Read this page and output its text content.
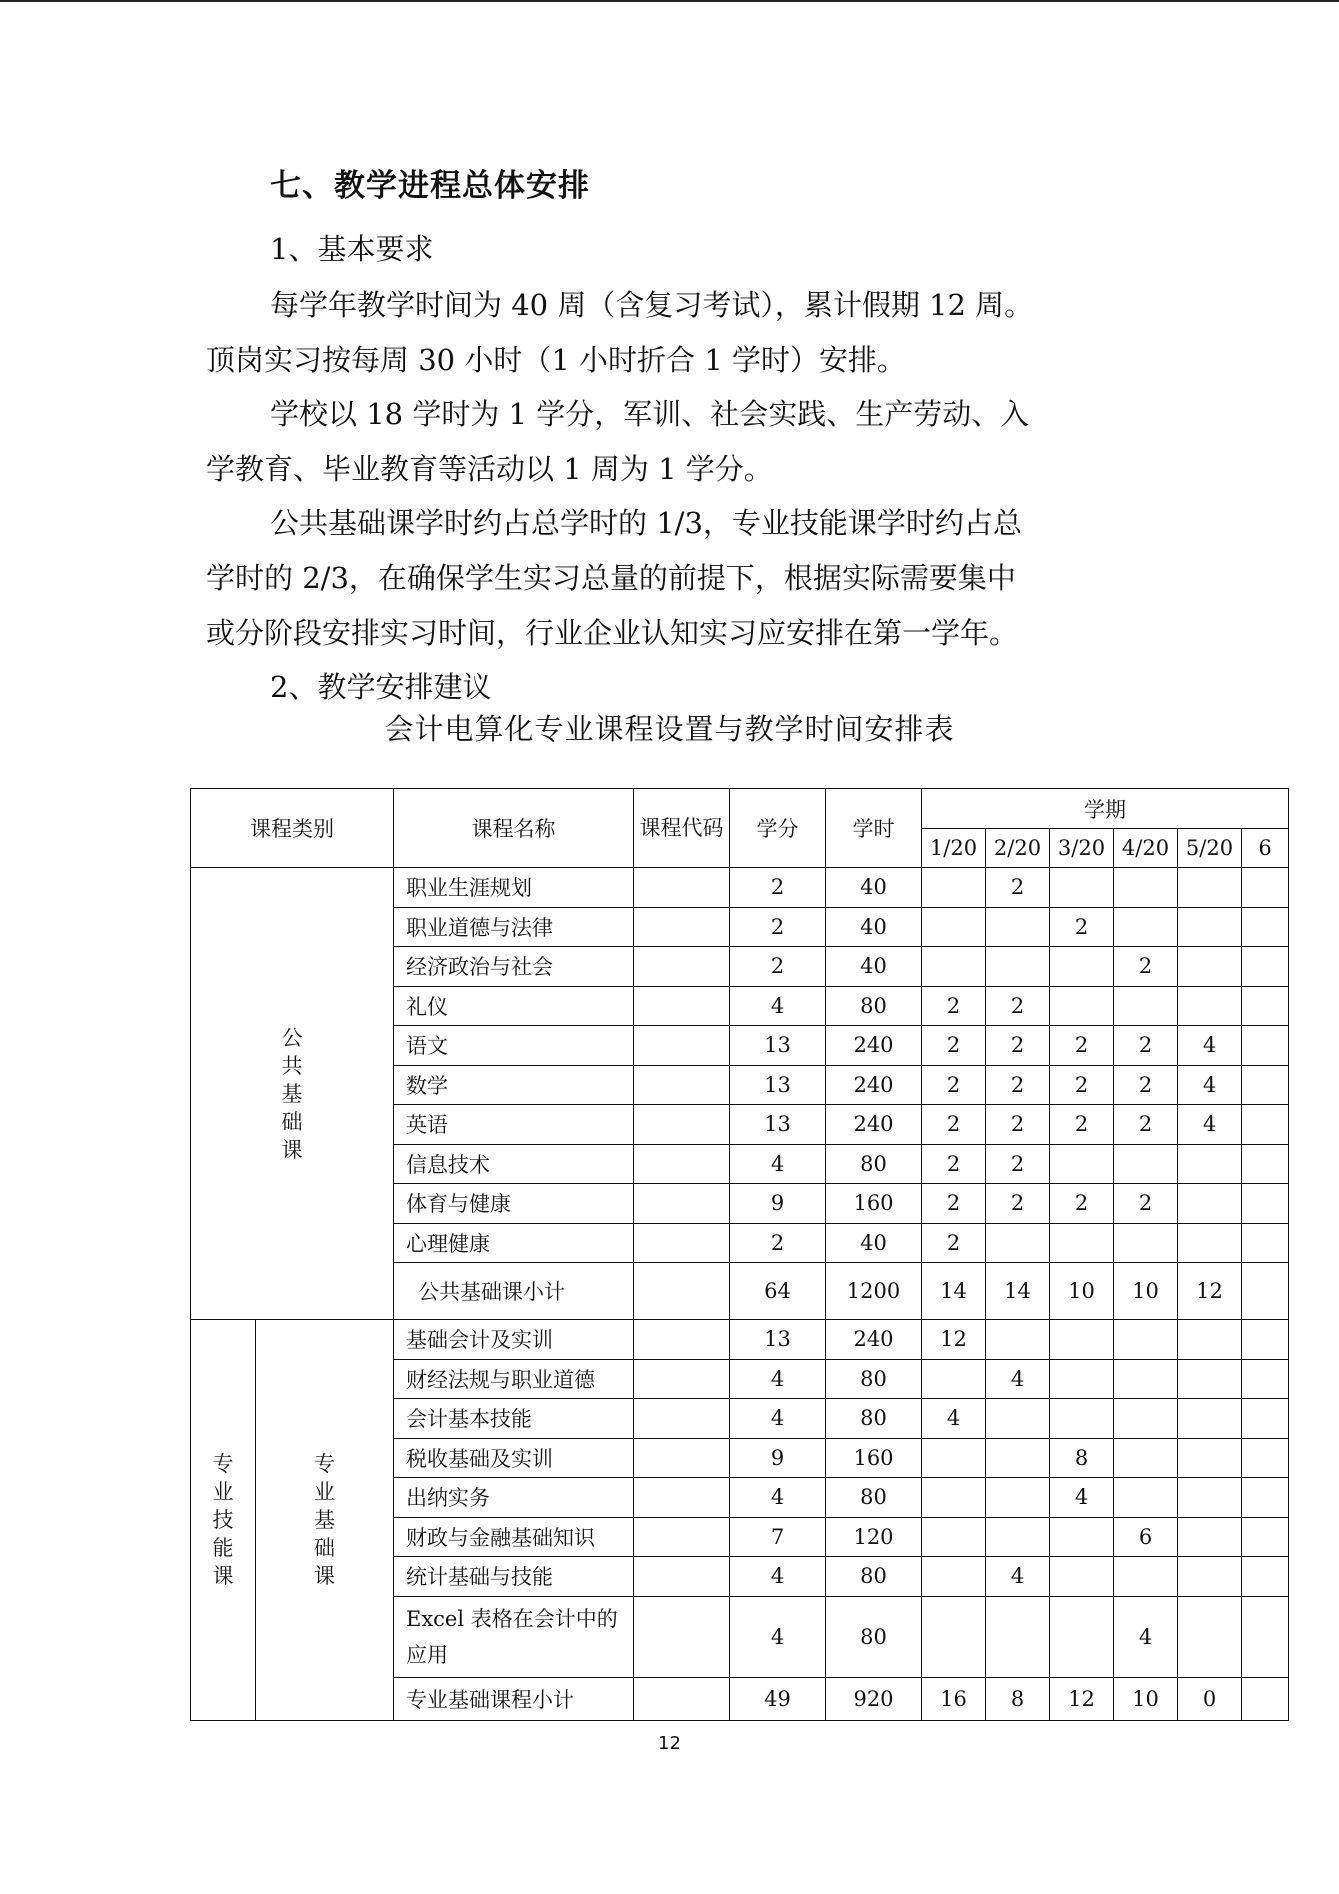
七、教学进程总体安排
1、基本要求
每学年教学时间为 40 周（含复习考试），累计假期 12 周。
顶岗实习按每周 30 小时（1 小时折合 1 学时）安排。
学校以 18 学时为 1 学分，军训、社会实践、生产劳动、入
学教育、毕业教育等活动以 1 周为 1 学分。
公共基础课学时约占总学时的 1/3，专业技能课学时约占总
学时的 2/3，在确保学生实习总量的前提下，根据实际需要集中
或分阶段安排实习时间，行业企业认知实习应安排在第一学年。
2、教学安排建议
会计电算化专业课程设置与教学时间安排表
课程类别		课程名称	课程代码	学分	学时	学期					
						1/20	2/20	3/20	4/20	5/20	6

公共基础课		职业生涯规划		2	40		2				
		职业道德与法律		2	40			2			
		经济政治与社会		2	40				2		
		礼仪		4	80	2	2				
		语文		13	240	2	2	2	2	4	
		数学		13	240	2	2	2	2	4	
		英语		13	240	2	2	2	2	4	
		信息技术		4	80	2	2				
		体育与健康		9	160	2	2	2	2		
		心理健康		2	40	2					
		公共基础课小计		64	1200	14	14	10	10	12	

专业技能课	专业基础课	基础会计及实训		13	240	12					
		财经法规与职业道德		4	80		4				
		会计基本技能		4	80	4					
		税收基础及实训		9	160			8			
		出纳实务		4	80			4			
		财政与金融基础知识		7	120				6		
		统计基础与技能		4	80		4				
		Excel 表格在会计中的应用		4	80				4		
		专业基础课程小计		49	920	16	8	12	10	0	
12
